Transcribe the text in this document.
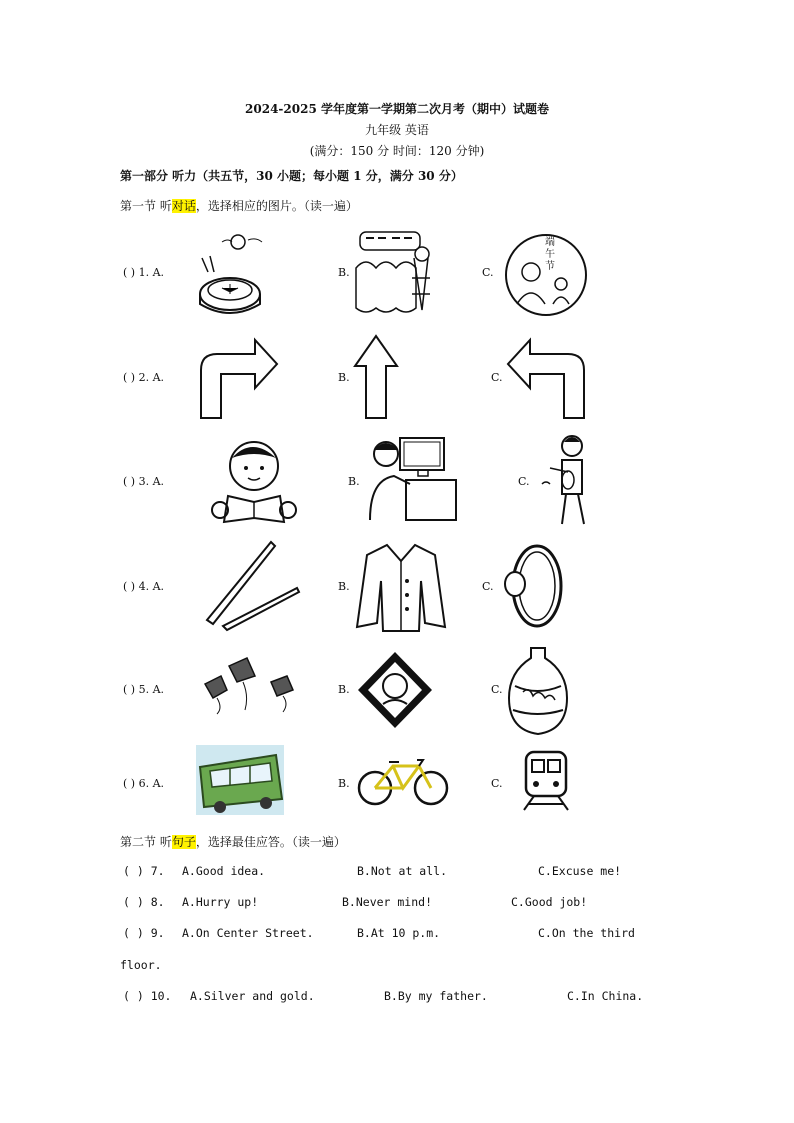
2024-2025 学年度第一学期第二次月考（期中）试题卷
九年级 英语
(满分：150 分 时间：120 分钟)
第一部分 听力（共五节，30 小题；每小题 1 分，满分 30 分）
第一节 听对话，选择相应的图片。（读一遍）
( ) 1. A.	B.	C.
端午节
( ) 2. A.	B.	C.
( ) 3. A.	B.	C.
( ) 4. A.	B.	C.
( ) 5. A.	B.	C.
( ) 6. A.	B.	C.
第二节 听句子，选择最佳应答。（读一遍）
( ) 7. A.Good idea.	B.Not at all.	C.Excuse me!
( ) 8. A.Hurry up!	B.Never mind!	C.Good job!
( ) 9. A.On Center Street.	B.At 10 p.m.	C.On the third
floor.
( ) 10. A.Silver and gold.	B.By my father.	C.In China.
